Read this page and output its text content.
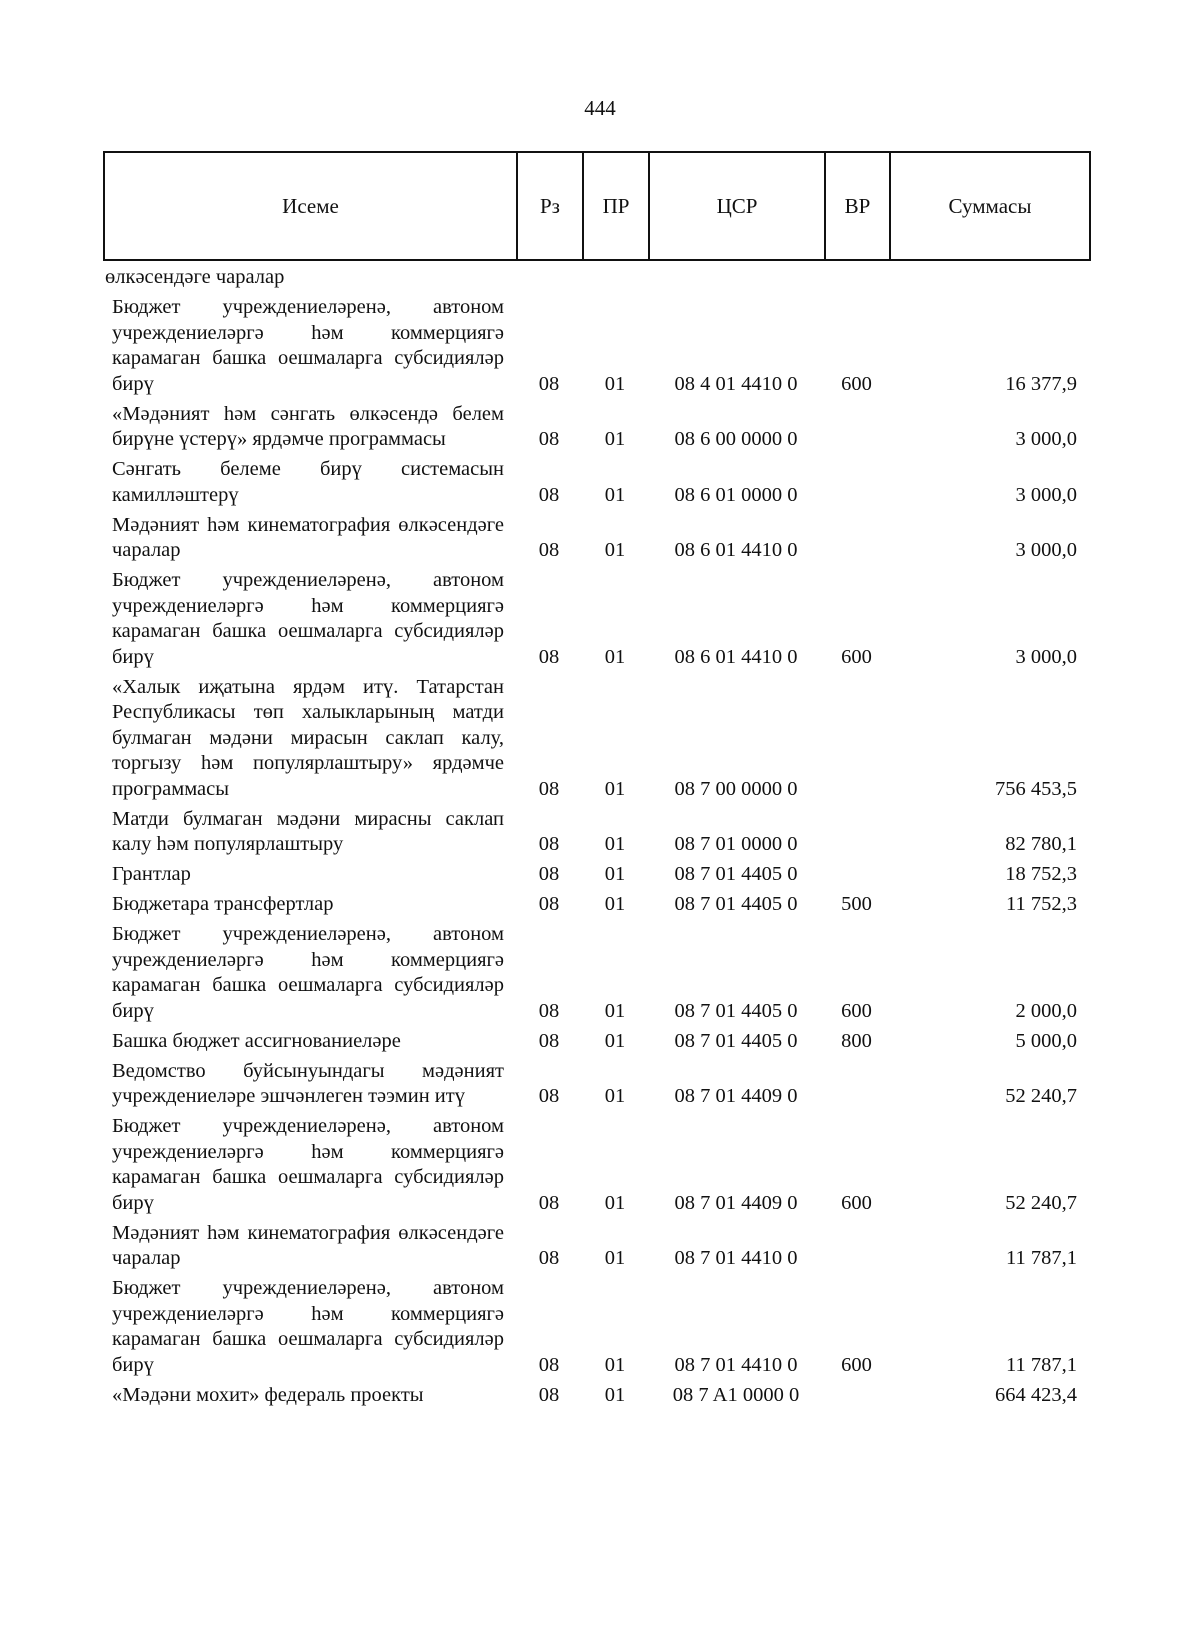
444
Исеме	Рз	ПР	ЦСР	ВР	Суммасы
өлкәсендәге чаралар					
Бюджет учреждениеләренә, автоном учреждениеләргә һәм коммерциягә карамаган башка оешмаларга субсидияләр бирү	08	01	08 4 01 4410 0	600	16 377,9
«Мәдәният һәм сәнгать өлкәсендә белем бирүне үстерү» ярдәмче программасы	08	01	08 6 00 0000 0		3 000,0
Сәнгать белеме бирү системасын камилләштерү	08	01	08 6 01 0000 0		3 000,0
Мәдәният һәм кинематография өлкәсендәге чаралар	08	01	08 6 01 4410 0		3 000,0
Бюджет учреждениеләренә, автоном учреждениеләргә һәм коммерциягә карамаган башка оешмаларга субсидияләр бирү	08	01	08 6 01 4410 0	600	3 000,0
«Халык иҗатына ярдәм итү. Татарстан Республикасы төп халыкларының матди булмаган мәдәни мирасын саклап калу, торгызу һәм популярлаштыру» ярдәмче программасы	08	01	08 7 00 0000 0		756 453,5
Матди булмаган мәдәни мирасны саклап калу һәм популярлаштыру	08	01	08 7 01 0000 0		82 780,1
Грантлар	08	01	08 7 01 4405 0		18 752,3
Бюджетара трансфертлар	08	01	08 7 01 4405 0	500	11 752,3
Бюджет учреждениеләренә, автоном учреждениеләргә һәм коммерциягә карамаган башка оешмаларга субсидияләр бирү	08	01	08 7 01 4405 0	600	2 000,0
Башка бюджет ассигнованиеләре	08	01	08 7 01 4405 0	800	5 000,0
Ведомство буйсынуындагы мәдәният учреждениеләре эшчәнлеген тәэмин итү	08	01	08 7 01 4409 0		52 240,7
Бюджет учреждениеләренә, автоном учреждениеләргә һәм коммерциягә карамаган башка оешмаларга субсидияләр бирү	08	01	08 7 01 4409 0	600	52 240,7
Мәдәният һәм кинематография өлкәсендәге чаралар	08	01	08 7 01 4410 0		11 787,1
Бюджет учреждениеләренә, автоном учреждениеләргә һәм коммерциягә карамаган башка оешмаларга субсидияләр бирү	08	01	08 7 01 4410 0	600	11 787,1
«Мәдәни мохит» федераль проекты	08	01	08 7 A1 0000 0		664 423,4
